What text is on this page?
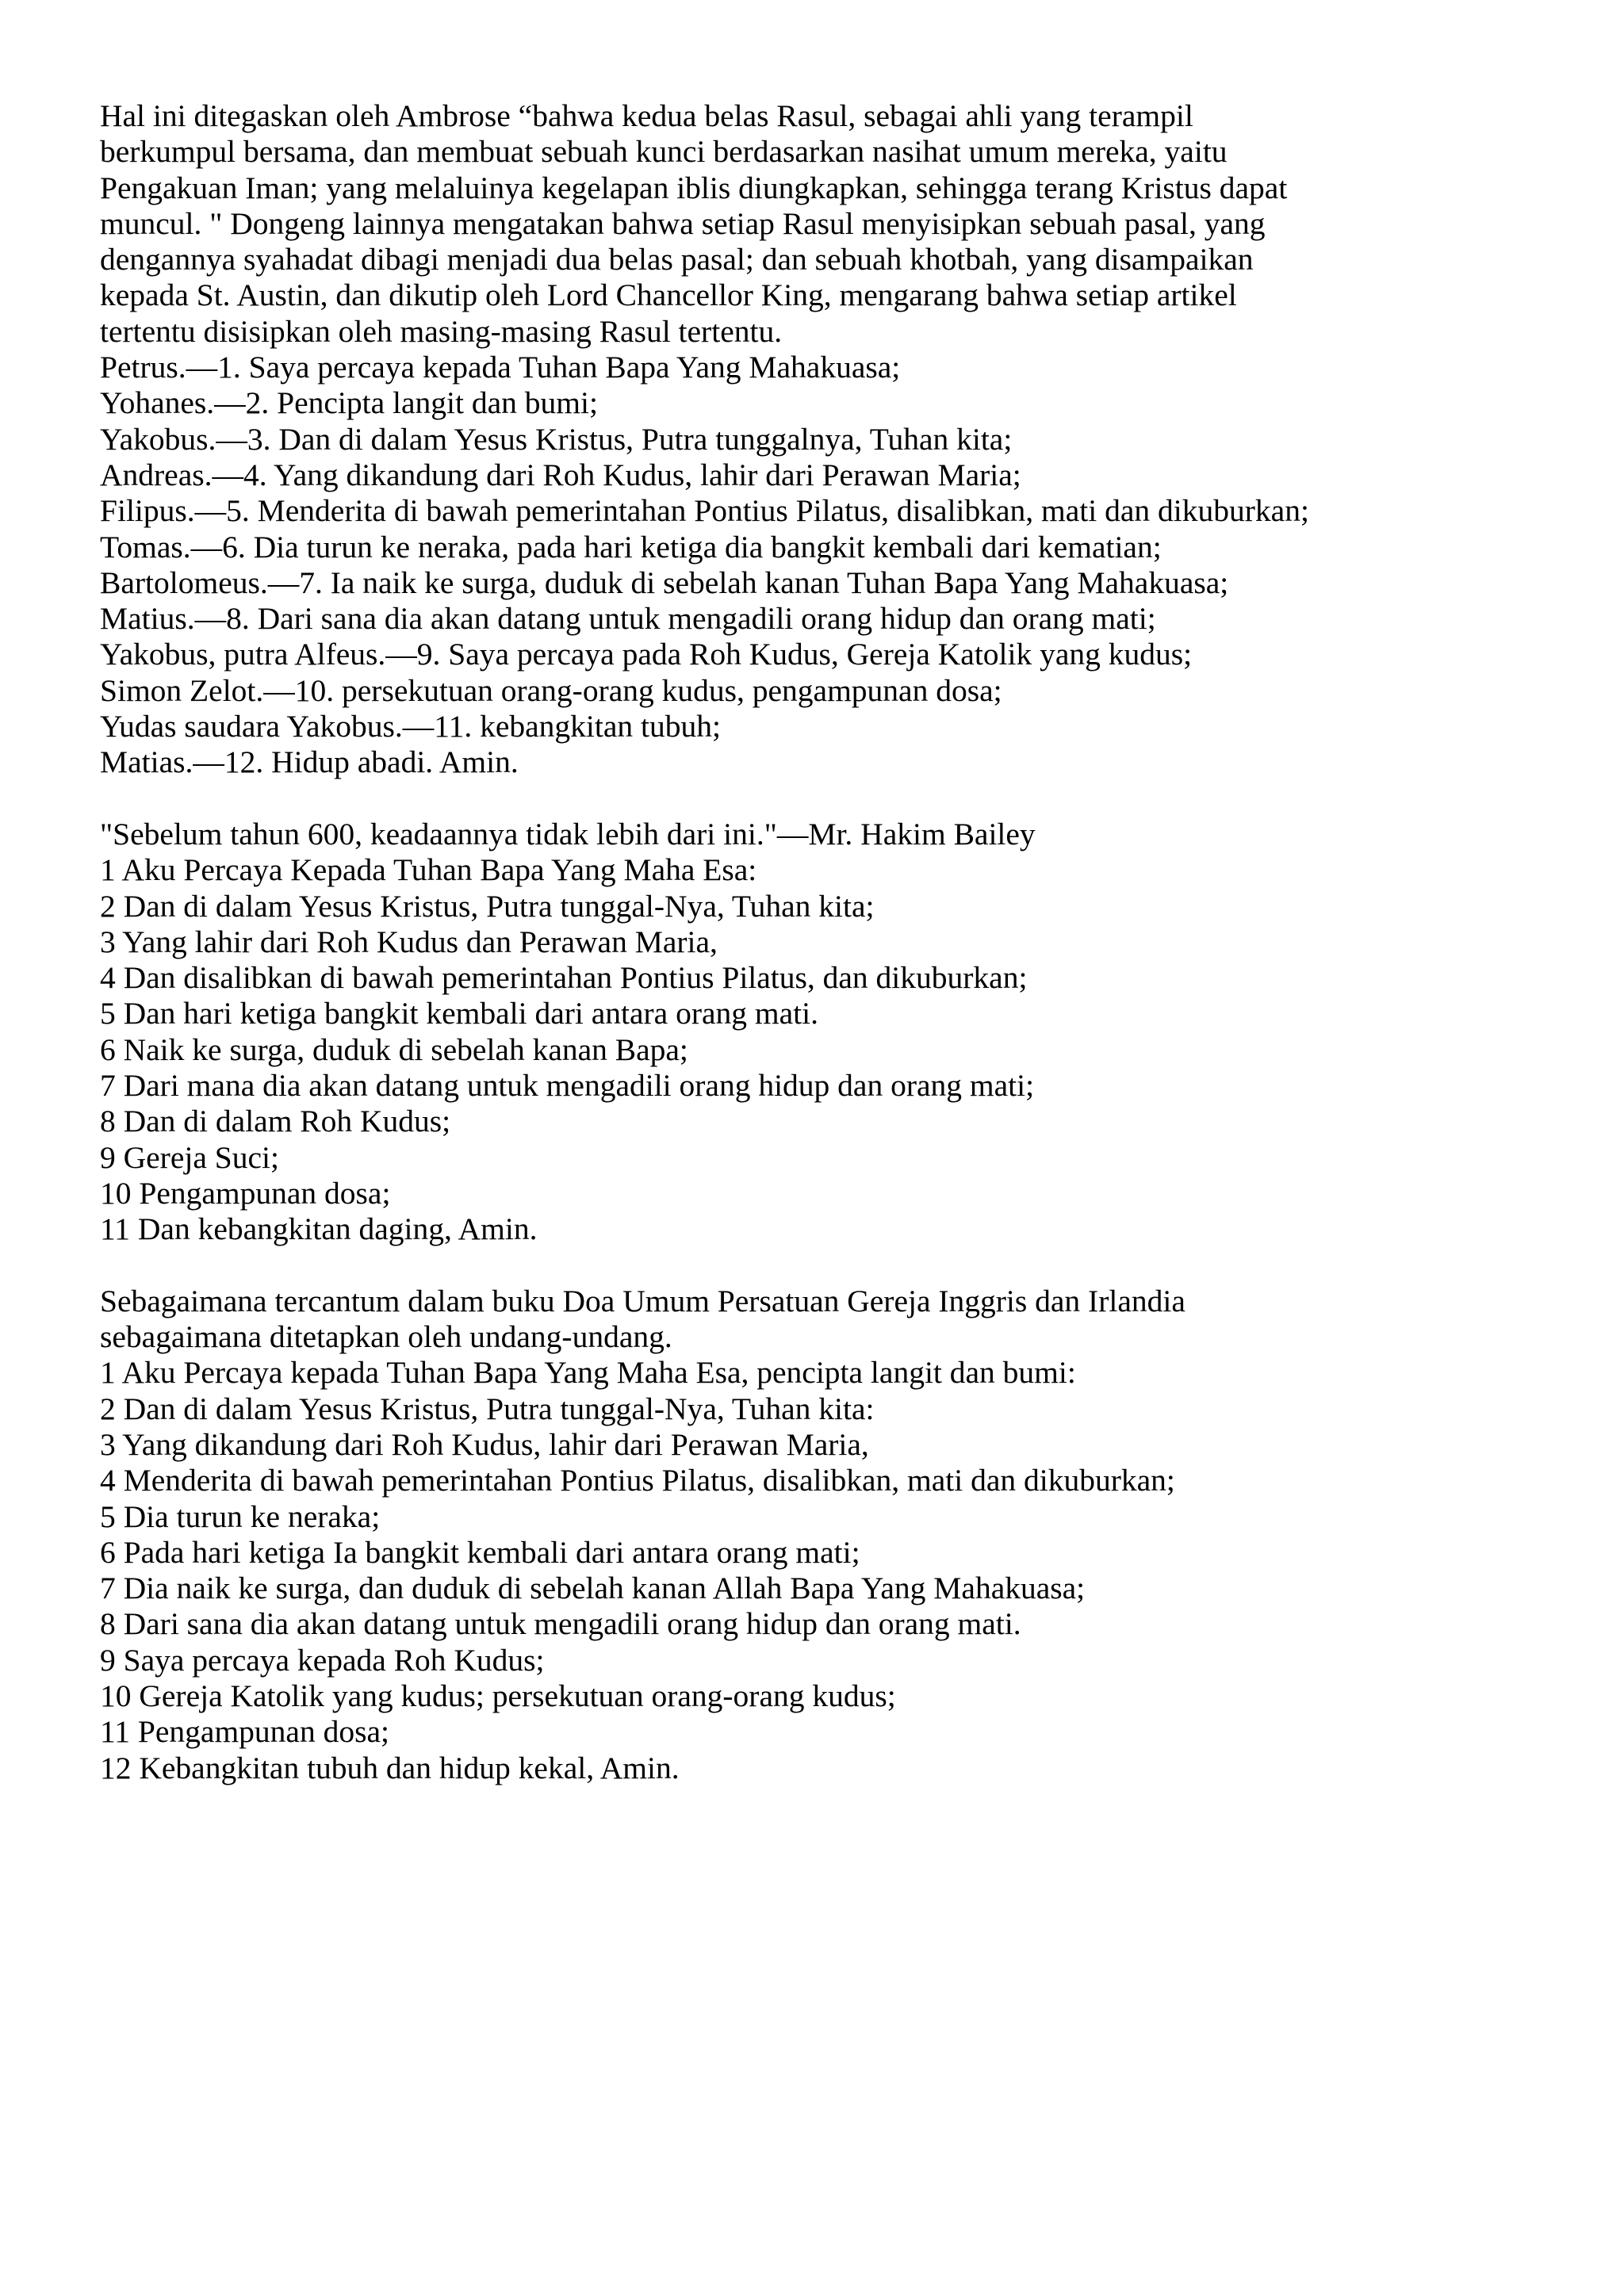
Hal ini ditegaskan oleh Ambrose “bahwa kedua belas Rasul, sebagai ahli yang terampil
berkumpul bersama, dan membuat sebuah kunci berdasarkan nasihat umum mereka, yaitu
Pengakuan Iman; yang melaluinya kegelapan iblis diungkapkan, sehingga terang Kristus dapat
muncul. " Dongeng lainnya mengatakan bahwa setiap Rasul menyisipkan sebuah pasal, yang
dengannya syahadat dibagi menjadi dua belas pasal; dan sebuah khotbah, yang disampaikan
kepada St. Austin, dan dikutip oleh Lord Chancellor King, mengarang bahwa setiap artikel
tertentu disisipkan oleh masing-masing Rasul tertentu.
Petrus.—1. Saya percaya kepada Tuhan Bapa Yang Mahakuasa;
Yohanes.—2. Pencipta langit dan bumi;
Yakobus.—3. Dan di dalam Yesus Kristus, Putra tunggalnya, Tuhan kita;
Andreas.—4. Yang dikandung dari Roh Kudus, lahir dari Perawan Maria;
Filipus.—5. Menderita di bawah pemerintahan Pontius Pilatus, disalibkan, mati dan dikuburkan;
Tomas.—6. Dia turun ke neraka, pada hari ketiga dia bangkit kembali dari kematian;
Bartolomeus.—7. Ia naik ke surga, duduk di sebelah kanan Tuhan Bapa Yang Mahakuasa;
Matius.—8. Dari sana dia akan datang untuk mengadili orang hidup dan orang mati;
Yakobus, putra Alfeus.—9. Saya percaya pada Roh Kudus, Gereja Katolik yang kudus;
Simon Zelot.—10. persekutuan orang-orang kudus, pengampunan dosa;
Yudas saudara Yakobus.—11. kebangkitan tubuh;
Matias.—12. Hidup abadi. Amin.
"Sebelum tahun 600, keadaannya tidak lebih dari ini."—Mr. Hakim Bailey
1 Aku Percaya Kepada Tuhan Bapa Yang Maha Esa:
2 Dan di dalam Yesus Kristus, Putra tunggal-Nya, Tuhan kita;
3 Yang lahir dari Roh Kudus dan Perawan Maria,
4 Dan disalibkan di bawah pemerintahan Pontius Pilatus, dan dikuburkan;
5 Dan hari ketiga bangkit kembali dari antara orang mati.
6 Naik ke surga, duduk di sebelah kanan Bapa;
7 Dari mana dia akan datang untuk mengadili orang hidup dan orang mati;
8 Dan di dalam Roh Kudus;
9 Gereja Suci;
10 Pengampunan dosa;
11 Dan kebangkitan daging, Amin.
Sebagaimana tercantum dalam buku Doa Umum Persatuan Gereja Inggris dan Irlandia
sebagaimana ditetapkan oleh undang-undang.
1 Aku Percaya kepada Tuhan Bapa Yang Maha Esa, pencipta langit dan bumi:
2 Dan di dalam Yesus Kristus, Putra tunggal-Nya, Tuhan kita:
3 Yang dikandung dari Roh Kudus, lahir dari Perawan Maria,
4 Menderita di bawah pemerintahan Pontius Pilatus, disalibkan, mati dan dikuburkan;
5 Dia turun ke neraka;
6 Pada hari ketiga Ia bangkit kembali dari antara orang mati;
7 Dia naik ke surga, dan duduk di sebelah kanan Allah Bapa Yang Mahakuasa;
8 Dari sana dia akan datang untuk mengadili orang hidup dan orang mati.
9 Saya percaya kepada Roh Kudus;
10 Gereja Katolik yang kudus; persekutuan orang-orang kudus;
11 Pengampunan dosa;
12 Kebangkitan tubuh dan hidup kekal, Amin.
